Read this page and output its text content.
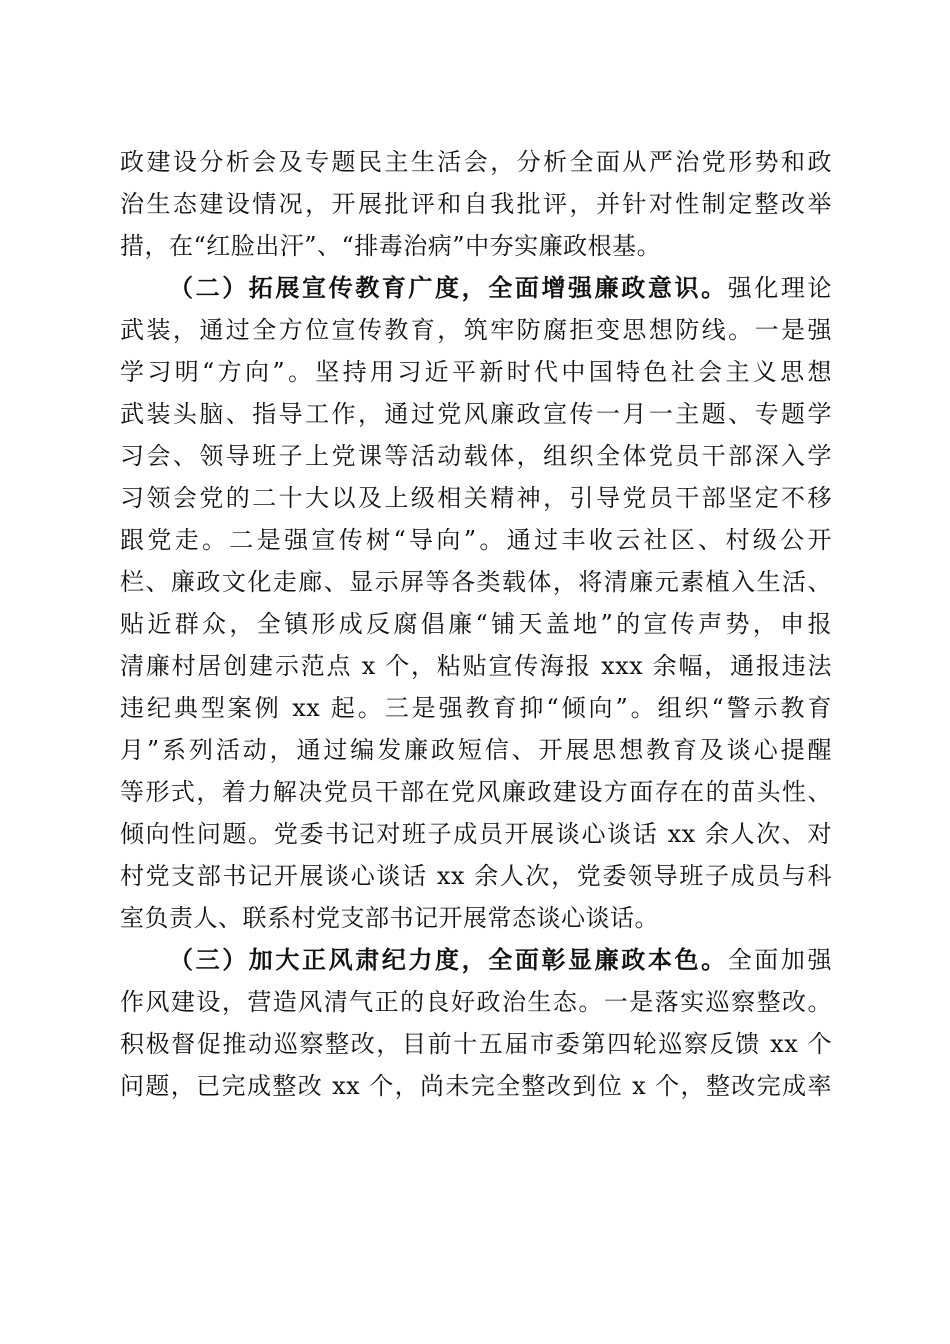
政建设分析会及专题民主生活会，分析全面从严治党形势和政
治生态建设情况，开展批评和自我批评，并针对性制定整改举
措，在“红脸出汗”、“排毒治病”中夯实廉政根基。
（二）拓展宣传教育广度，全面增强廉政意识。强化理论
武装，通过全方位宣传教育，筑牢防腐拒变思想防线。一是强
学习明“方向”。坚持用习近平新时代中国特色社会主义思想
武装头脑、指导工作，通过党风廉政宣传一月一主题、专题学
习会、领导班子上党课等活动载体，组织全体党员干部深入学
习领会党的二十大以及上级相关精神，引导党员干部坚定不移
跟党走。二是强宣传树“导向”。通过丰收云社区、村级公开
栏、廉政文化走廊、显示屏等各类载体，将清廉元素植入生活、
贴近群众，全镇形成反腐倡廉“铺天盖地”的宣传声势，申报
清廉村居创建示范点 x 个，粘贴宣传海报 xxx 余幅，通报违法
违纪典型案例 xx 起。三是强教育抑“倾向”。组织“警示教育
月”系列活动，通过编发廉政短信、开展思想教育及谈心提醒
等形式，着力解决党员干部在党风廉政建设方面存在的苗头性、
倾向性问题。党委书记对班子成员开展谈心谈话 xx 余人次、对
村党支部书记开展谈心谈话 xx 余人次，党委领导班子成员与科
室负责人、联系村党支部书记开展常态谈心谈话。
（三）加大正风肃纪力度，全面彰显廉政本色。全面加强
作风建设，营造风清气正的良好政治生态。一是落实巡察整改。
积极督促推动巡察整改，目前十五届市委第四轮巡察反馈 xx 个
问题，已完成整改 xx 个，尚未完全整改到位 x 个，整改完成率
